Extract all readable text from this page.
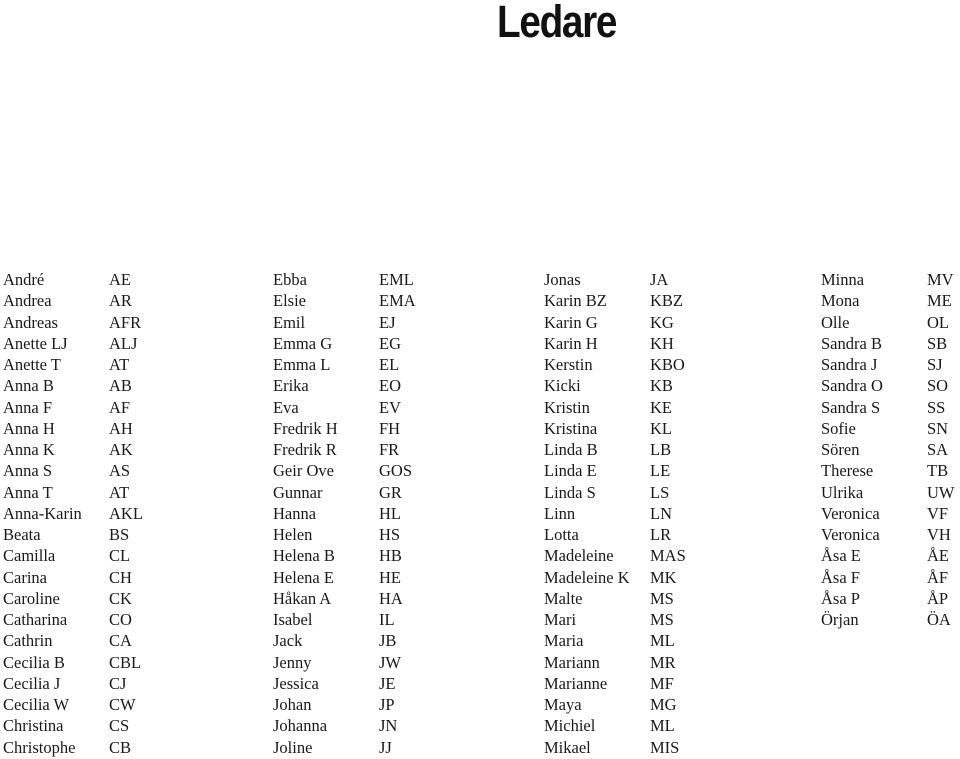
Ledare
André	AE
Andrea	AR
Andreas	AFR
Anette LJ	ALJ
Anette T	AT
Anna B	AB
Anna F	AF
Anna H	AH
Anna K	AK
Anna S	AS
Anna T	AT
Anna-Karin AKL
Beata	BS
Camilla	CL
Carina	CH
Caroline	CK
Catharina	CO
Cathrin	CA
Cecilia B	CBL
Cecilia J	CJ
Cecilia W CW
Christina	CS
Christophe CB
Ebba	EML
Elsie	EMA
Emil	EJ
Emma G	EG
Emma L	EL
Erika	EO
Eva	EV
Fredrik H	FH
Fredrik R	FR
Geir Ove	GOS
Gunnar	GR
Hanna	HL
Helen	HS
Helena B	HB
Helena E	HE
Håkan A	HA
Isabel	IL
Jack	JB
Jenny	JW
Jessica	JE
Johan	JP
Johanna	JN
Joline	JJ
Jonas	JA
Karin BZ	KBZ
Karin G	KG
Karin H	KH
Kerstin	KBO
Kicki	KB
Kristin	KE
Kristina	KL
Linda B	LB
Linda E	LE
Linda S	LS
Linn	LN
Lotta	LR
Madeleine MAS
Madeleine K MK
Malte	MS
Mari	MS
Maria	ML
Mariann	MR
Marianne	MF
Maya	MG
Michiel	ML
Mikael	MIS
Minna	MV
Mona	ME
Olle	OL
Sandra B	SB
Sandra J	SJ
Sandra O	SO
Sandra S	SS
Sofie	SN
Sören	SA
Therese	TB
Ulrika	UW
Veronica	VF
Veronica	VH
Åsa E	ÅE
Åsa F	ÅF
Åsa P	ÅP
Örjan	ÖA
